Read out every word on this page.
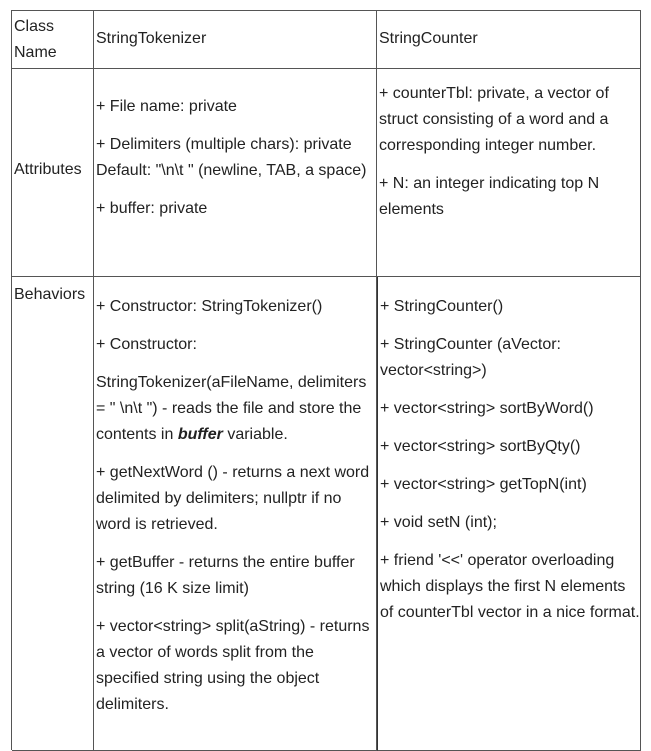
Class Name
StringTokenizer	StringCounter
Attributes

+ File name: private

+ Delimiters (multiple chars): private Default: "\n\t " (newline, TAB, a space)

+ buffer: private

+ counterTbl: private, a vector of struct consisting of a word and a corresponding integer number.

+ N: an integer indicating top N elements

Behaviors

+ Constructor: StringTokenizer()

+ Constructor:

StringTokenizer(aFileName, delimiters = " \n\t ") - reads the file and store the contents in buffer variable.

+ getNextWord () - returns a next word delimited by delimiters; nullptr if no word is retrieved.

+ getBuffer - returns the entire buffer string (16 K size limit)

+ vector<string> split(aString) - returns a vector of words split from the specified string using the object delimiters.

+ StringCounter()

+ StringCounter (aVector: vector<string>)

+ vector<string> sortByWord()

+ vector<string> sortByQty()

+ vector<string> getTopN(int)

+ void setN (int);

+ friend '<<' operator overloading which displays the first N elements of counterTbl vector in a nice format.
